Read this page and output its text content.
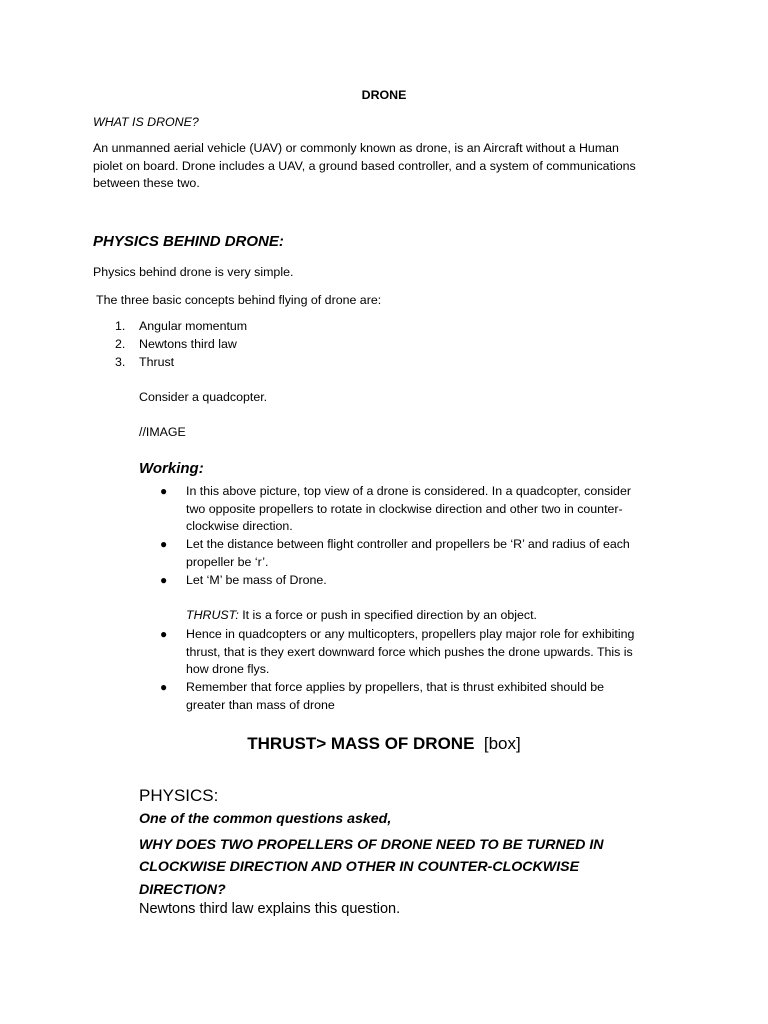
DRONE

WHAT IS DRONE?

An unmanned aerial vehicle (UAV) or commonly known as drone, is an Aircraft without a Human
piolet on board. Drone includes a UAV, a ground based controller, and a system of communications
between these two.

PHYSICS BEHIND DRONE:

Physics behind drone is very simple.

The three basic concepts behind flying of drone are:

1. Angular momentum
2. Newtons third law
3. Thrust

Consider a quadcopter.

//IMAGE

Working:

● In this above picture, top view of a drone is considered. In a quadcopter, consider
two opposite propellers to rotate in clockwise direction and other two in counter-
clockwise direction.
● Let the distance between flight controller and propellers be ‘R’ and radius of each
propeller be ‘r’.
● Let ‘M’ be mass of Drone.

THRUST: It is a force or push in specified direction by an object.

● Hence in quadcopters or any multicopters, propellers play major role for exhibiting
thrust, that is they exert downward force which pushes the drone upwards. This is
how drone flys.
● Remember that force applies by propellers, that is thrust exhibited should be
greater than mass of drone

THRUST> MASS OF DRONE [box]

PHYSICS:

One of the common questions asked,

WHY DOES TWO PROPELLERS OF DRONE NEED TO BE TURNED IN
CLOCKWISE DIRECTION AND OTHER IN COUNTER-CLOCKWISE
DIRECTION?

Newtons third law explains this question.
